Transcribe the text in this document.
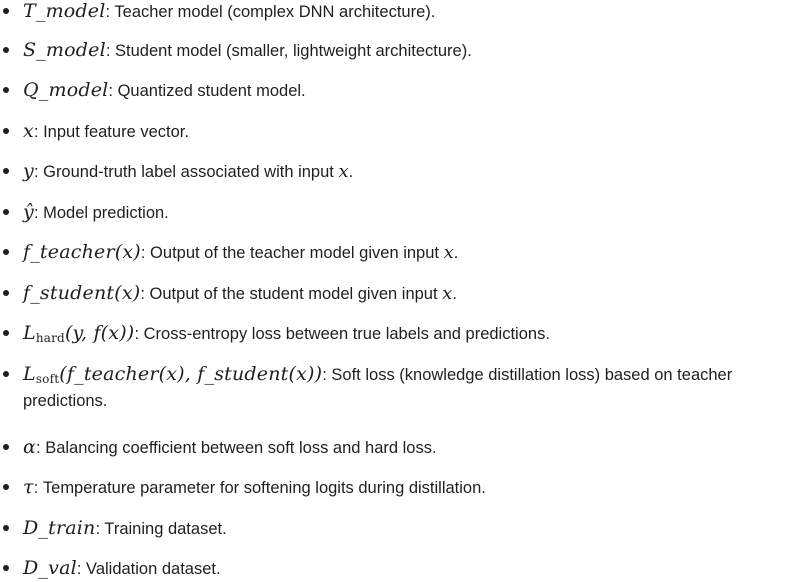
T_model: Teacher model (complex DNN architecture).
S_model: Student model (smaller, lightweight architecture).
Q_model: Quantized student model.
x: Input feature vector.
y: Ground-truth label associated with input x.
ŷ: Model prediction.
f_teacher(x): Output of the teacher model given input x.
f_student(x): Output of the student model given input x.
$L_{hard}(y$, f(x)): Cross-entropy loss between true labels and predictions.
$L_{soft}(f\_teacher(x)$, f_student(x)): Soft loss (knowledge distillation loss) based on teacher predictions.
α: Balancing coefficient between soft loss and hard loss.
τ: Temperature parameter for softening logits during distillation.
D_train: Training dataset.
D_val: Validation dataset.
